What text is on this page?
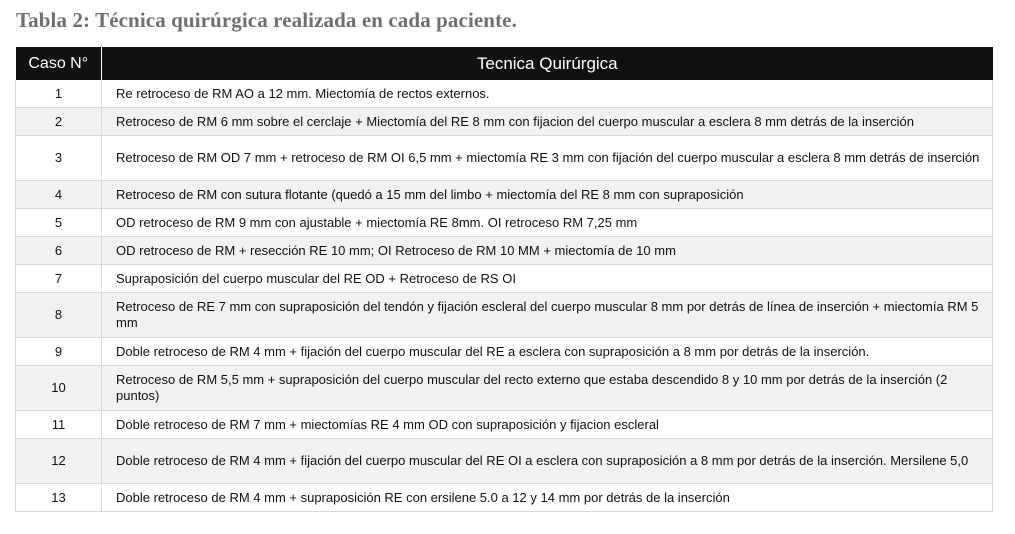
Tabla 2: Técnica quirúrgica realizada en cada paciente.
Caso N°	Tecnica Quirúrgica
1	Re retroceso de RM AO a 12 mm. Miectomía de rectos externos.
2	Retroceso de RM 6 mm sobre el cerclaje + Miectomía del RE 8 mm con fijacion del cuerpo muscular a esclera 8 mm detrás de la inserción
3	Retroceso de RM OD 7 mm + retroceso de RM OI 6,5 mm + miectomía RE 3 mm con fijación del cuerpo muscular a esclera 8 mm detrás de inserción
4	Retroceso de RM con sutura flotante (quedó a 15 mm del limbo + miectomía del RE 8 mm con supraposición
5	OD retroceso de RM 9 mm con ajustable + miectomía RE 8mm. OI retroceso RM 7,25 mm
6	OD retroceso de RM + resección RE 10 mm; OI Retroceso de RM 10 MM + miectomía de 10 mm
7	Supraposición del cuerpo muscular del RE OD + Retroceso de RS OI
8	Retroceso de RE 7 mm con supraposición del tendón y fijación escleral del cuerpo muscular 8 mm por detrás de línea de inserción + miectomía RM 5 mm
9	Doble retroceso de RM 4 mm + fijación del cuerpo muscular del RE a esclera con supraposición a 8 mm por detrás de la inserción.
10	Retroceso de RM 5,5 mm + supraposición del cuerpo muscular del recto externo que estaba descendido 8 y 10 mm por detrás de la inserción (2 puntos)
11	Doble retroceso de RM 7 mm + miectomías RE 4 mm OD con supraposición y fijacion escleral
12	Doble retroceso de RM 4 mm + fijación del cuerpo muscular del RE OI a esclera con supraposición a 8 mm por detrás de la inserción. Mersilene 5,0
13	Doble retroceso de RM 4 mm + supraposición RE con ersilene 5.0 a 12 y 14 mm por detrás de la inserción
